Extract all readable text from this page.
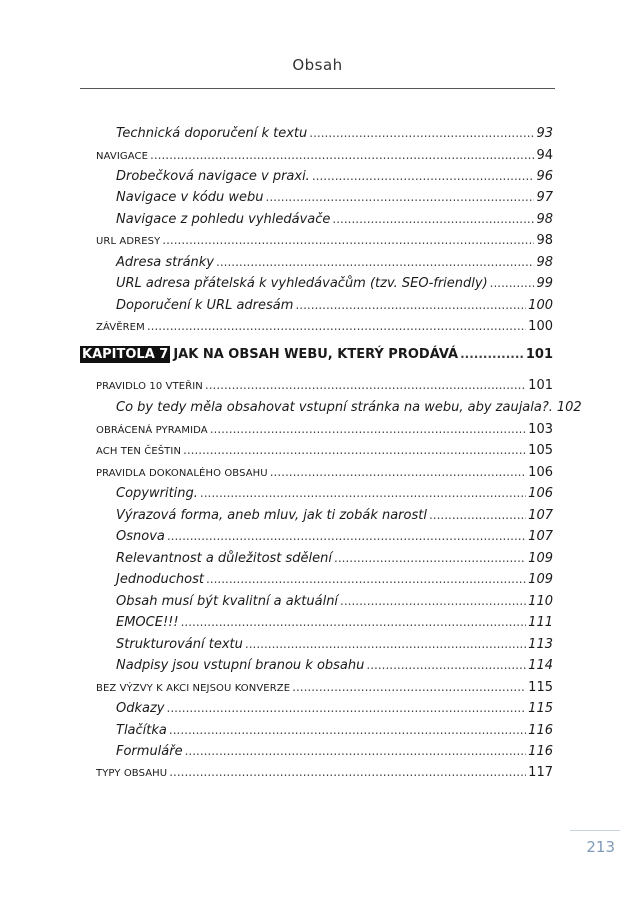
Obsah
Technická doporučení k textu .....	93
NAVIGACE .....	94
Drobečková navigace v praxi. .....	96
Navigace v kódu webu .....	97
Navigace z pohledu vyhledávače .....	98
URL ADRESY .....	98
Adresa stránky .....	98
URL adresa přátelská k vyhledávačům (tzv. SEO-friendly) .....	99
Doporučení k URL adresám .....	100
ZÁVĚREM .....	100
KAPITOLA 7 JAK NA OBSAH WEBU, KTERÝ PRODÁVÁ .....	101
PRAVIDLO 10 VTEŘIN .....	101
Co by tedy měla obsahovat vstupní stránka na webu, aby zaujala?. 102
OBRÁCENÁ PYRAMIDA .....	103
ACH TEN ČEŠTIN .....	105
PRAVIDLA DOKONALÉHO OBSAHU .....	106
Copywriting. .....	106
Výrazová forma, aneb mluv, jak ti zobák narostl .....	107
Osnova .....	107
Relevantnost a důležitost sdělení .....	109
Jednoduchost .....	109
Obsah musí být kvalitní a aktuální .....	110
EMOCE!!! .....	111
Strukturování textu .....	113
Nadpisy jsou vstupní branou k obsahu .....	114
BEZ VÝZVY K AKCI NEJSOU KONVERZE .....	115
Odkazy .....	115
Tlačítka .....	116
Formuláře .....	116
TYPY OBSAHU .....	117
213
